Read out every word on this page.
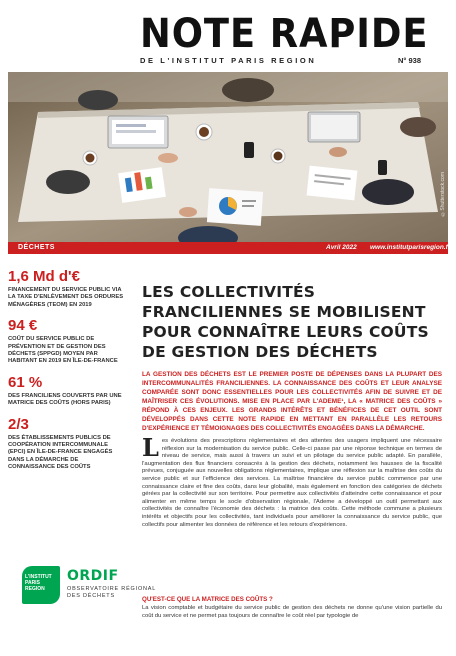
NOTE RAPIDE
DE L'INSTITUT PARIS REGION	N° 938
©Shutterstock.com
DÉCHETS	Avril 2022 www.institutparisregion.fr
1,6 Md d'€
FINANCEMENT DU SERVICE PUBLIC VIA LA TAXE D'ENLÈVEMENT DES ORDURES MÉNAGÈRES (TEOM) EN 2019
94 €
COÛT DU SERVICE PUBLIC DE PRÉVENTION ET DE GESTION DES DÉCHETS (SPPGD) MOYEN PAR HABITANT EN 2019 EN ÎLE-DE-FRANCE
61 %
DES FRANCILIENS COUVERTS PAR UNE MATRICE DES COÛTS (HORS PARIS)
2/3
DES ÉTABLISSEMENTS PUBLICS DE COOPÉRATION INTERCOMMUNALE (EPCI) EN ÎLE-DE-FRANCE ENGAGÉS DANS LA DÉMARCHE DE CONNAISSANCE DES COÛTS
L'INSTITUT PARIS REGION
ORDIF
OBSERVATOIRE RÉGIONAL DES DÉCHETS
LES COLLECTIVITÉS FRANCILIENNES SE MOBILISENT POUR CONNAÎTRE LEURS COÛTS DE GESTION DES DÉCHETS

LA GESTION DES DÉCHETS EST LE PREMIER POSTE DE DÉPENSES DANS LA PLUPART DES INTERCOMMUNALITÉS FRANCILIENNES. LA CONNAISSANCE DES COÛTS ET LEUR ANALYSE COMPARÉE SONT DONC ESSENTIELLES POUR LES COLLECTIVITÉS AFIN DE SUIVRE ET DE MAÎTRISER CES ÉVOLUTIONS. MISE EN PLACE PAR L'ADEME¹, LA « MATRICE DES COÛTS » RÉPOND À CES ENJEUX. LES GRANDS INTÉRÊTS ET BÉNÉFICES DE CET OUTIL SONT DÉVELOPPÉS DANS CETTE NOTE RAPIDE EN METTANT EN PARALLÈLE LES RETOURS D'EXPÉRIENCE ET TÉMOIGNAGES DES COLLECTIVITÉS ENGAGÉES DANS LA DÉMARCHE.

Les évolutions des prescriptions réglementaires et des attentes des usagers impliquent une nécessaire réflexion sur la modernisation du service public. Celle-ci passe par une réponse technique en termes de niveau de service, mais aussi à travers un suivi et un pilotage du service public adapté. En parallèle, l'augmentation des flux financiers consacrés à la gestion des déchets, notamment les hausses de la fiscalité prévues, conjuguée aux nouvelles obligations réglementaires, implique une réflexion sur la maîtrise des coûts du service public et sur l'efficience des services. La maîtrise financière du service public commence par une connaissance claire et fine des coûts, dans leur globalité, mais également en fonction des catégories de déchets gérées par la collectivité sur son territoire. Pour permettre aux collectivités d'atteindre cette connaissance et pour alimenter en même temps le socle d'observation régionale, l'Ademe a développé un outil permettant aux collectivités de connaître l'économie des déchets : la matrice des coûts. Cette méthode commune a plusieurs intérêts et objectifs pour les collectivités, tant individuels pour améliorer la connaissance du service public, que collectifs pour alimenter les données de référence et les retours d'expériences.
QU'EST-CE QUE LA MATRICE DES COÛTS ?
La vision comptable et budgétaire du service public de gestion des déchets ne donne qu'une vision partielle du coût du service et ne permet pas toujours de connaître le coût réel par typologie de
